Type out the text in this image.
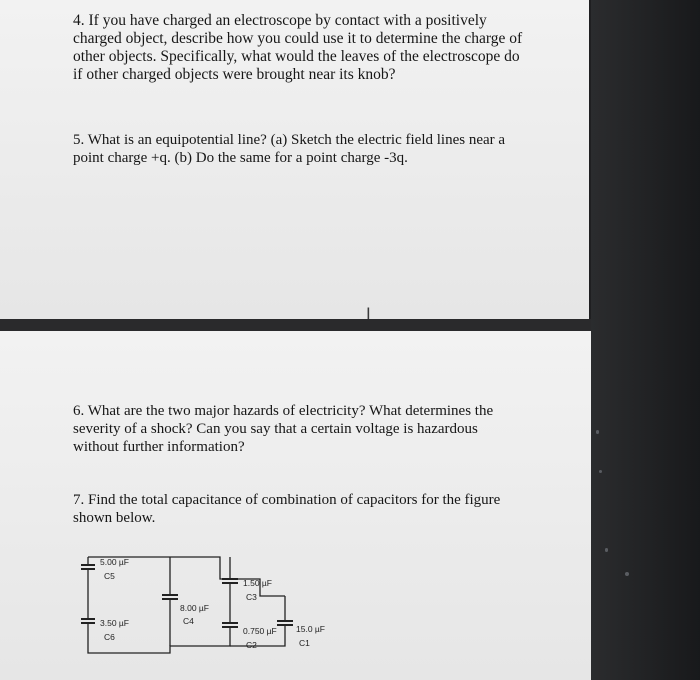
4. If you have charged an electroscope by contact with a positively
charged object, describe how you could use it to determine the charge of
other objects. Specifically, what would the leaves of the electroscope do
if other charged objects were brought near its knob?

5. What is an equipotential line? (a) Sketch the electric field lines near a
point charge +q. (b) Do the same for a point charge -3q.

I

6. What are the two major hazards of electricity? What determines the
severity of a shock? Can you say that a certain voltage is hazardous
without further information?

7. Find the total capacitance of combination of capacitors for the figure
shown below.

5.00 µF
C5
3.50 µF
C6
8.00 µF
C4
1.50 µF
C3
0.750 µF
C2
15.0 µF
C1
